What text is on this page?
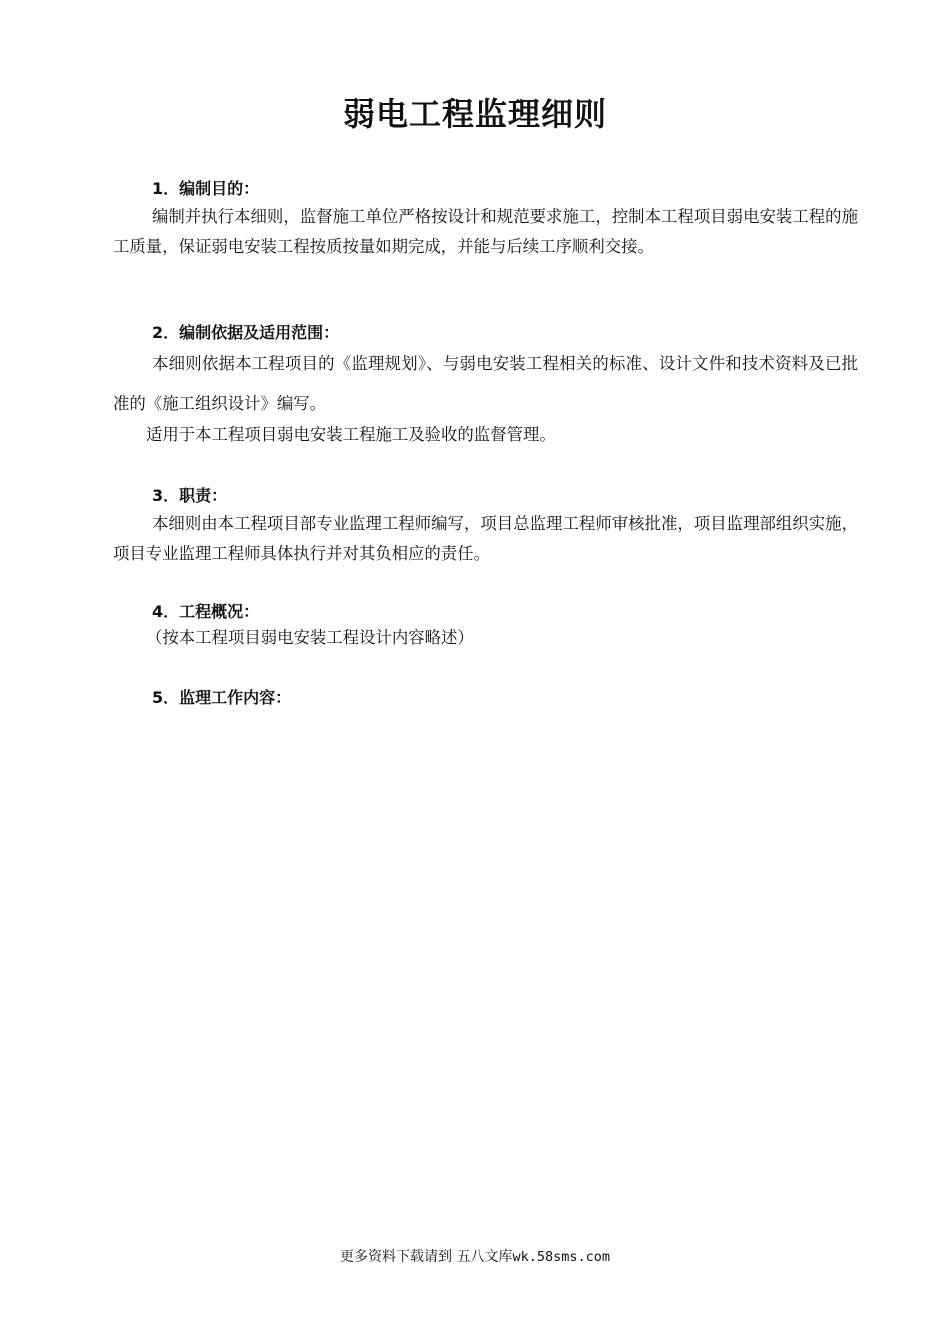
弱电工程监理细则
1．编制目的：

编制并执行本细则，监督施工单位严格按设计和规范要求施工，控制本工程项目弱电安装工程的施工质量，保证弱电安装工程按质按量如期完成，并能与后续工序顺利交接。

2．编制依据及适用范围：

本细则依据本工程项目的《监理规划》、与弱电安装工程相关的标准、设计文件和技术资料及已批准的《施工组织设计》编写。

适用于本工程项目弱电安装工程施工及验收的监督管理。
3．职责：

本细则由本工程项目部专业监理工程师编写，项目总监理工程师审核批准，项目监理部组织实施，项目专业监理工程师具体执行并对其负相应的责任。

4．工程概况：
（按本工程项目弱电安装工程设计内容略述）
5．监理工作内容：
更多资料下载请到 五八文库wk.58sms.com
